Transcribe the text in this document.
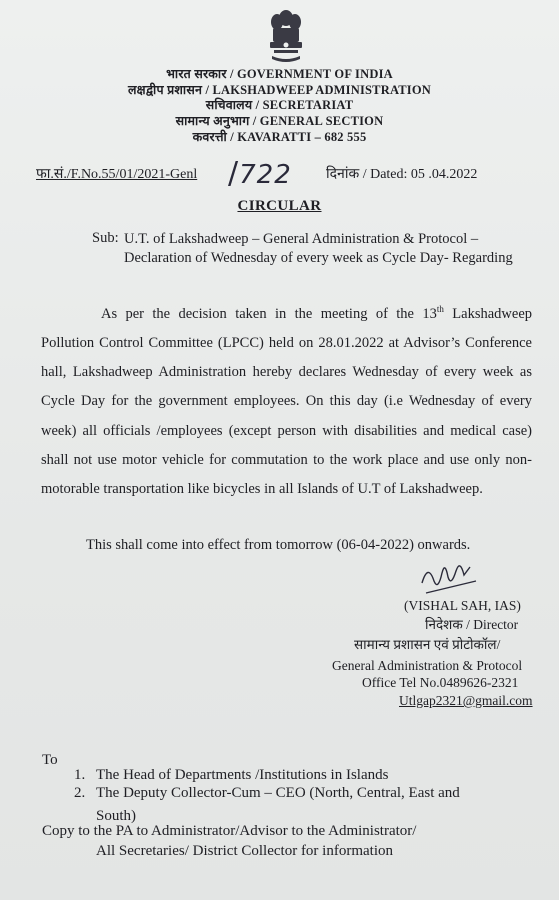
भारत सरकार / GOVERNMENT OF INDIA
लक्षद्वीप प्रशासन / LAKSHADWEEP ADMINISTRATION
सचिवालय / SECRETARIAT
सामान्य अनुभाग / GENERAL SECTION
कवरत्ती / KAVARATTI – 682 555
फा.सं./F.No.55/01/2021-Genl /722 दिनांक / Dated: 05 .04.2022
CIRCULAR
Sub: U.T. of Lakshadweep – General Administration & Protocol – Declaration of Wednesday of every week as Cycle Day- Regarding
As per the decision taken in the meeting of the 13th Lakshadweep Pollution Control Committee (LPCC) held on 28.01.2022 at Advisor’s Conference hall, Lakshadweep Administration hereby declares Wednesday of every week as Cycle Day for the government employees. On this day (i.e Wednesday of every week) all officials /employees (except person with disabilities and medical case) shall not use motor vehicle for commutation to the work place and use only non-motorable transportation like bicycles in all Islands of U.T of Lakshadweep.
This shall come into effect from tomorrow (06-04-2022) onwards.
(VISHAL SAH, IAS)
निदेशक / Director
सामान्य प्रशासन एवं प्रोटोकॉल/
General Administration & Protocol
Office Tel No.0489626-2321
Utlgap2321@gmail.com
To
1. The Head of Departments /Institutions in Islands
2. The Deputy Collector-Cum – CEO (North, Central, East and
South)
Copy to the PA to Administrator/Advisor to the Administrator/
All Secretaries/ District Collector for information
